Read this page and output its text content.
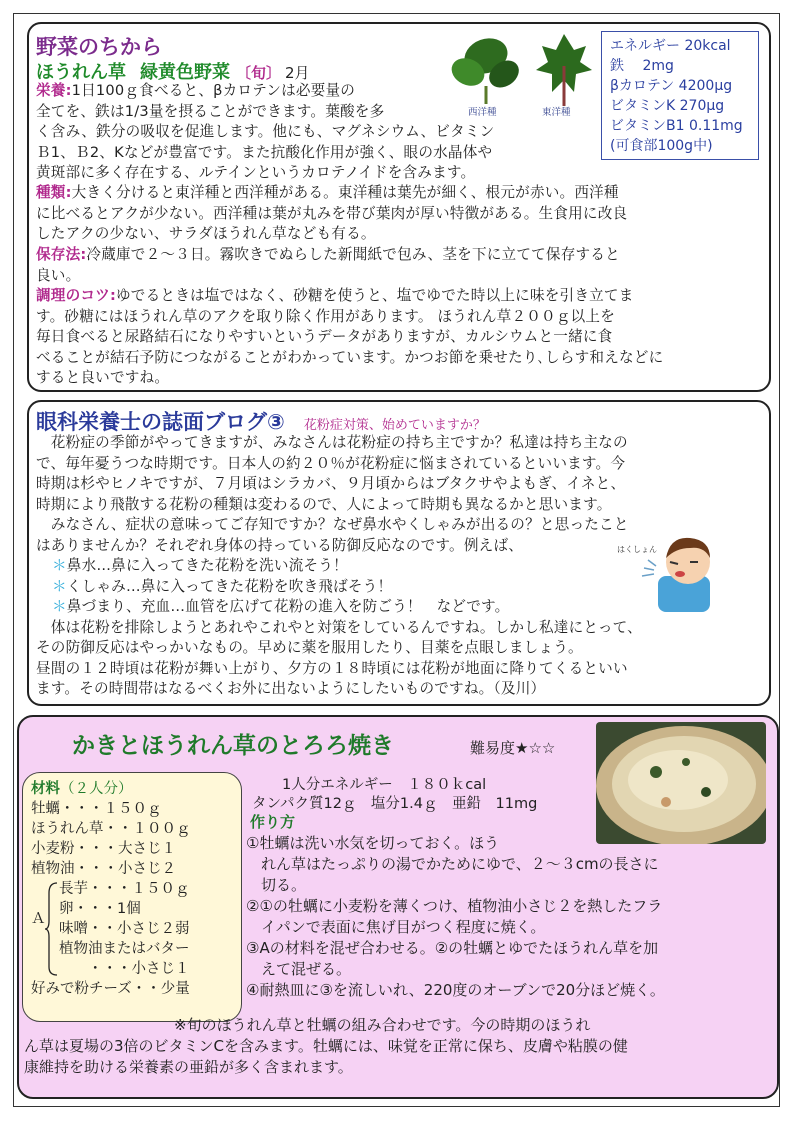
野菜のちから
ほうれん草 緑黄色野菜 〔旬〕 2月
西洋種	東洋種
エネルギー 20kcal
鉄　 2mg
βカロテン 4200μg
ビタミンK 270μg
ビタミンB1 0.11mg
(可食部100g中)
栄養:1日100ｇ食べると、βカロテンは必要量の
全てを、鉄は1/3量を摂ることができます。葉酸を多
く含み、鉄分の吸収を促進します。他にも、マグネシウム、ビタミン
Ｂ1、Ｂ2、Kなどが豊富です。また抗酸化作用が強く、眼の水晶体や
黄斑部に多く存在する、ルテインというカロテノイドを含みます。
種類:大きく分けると東洋種と西洋種がある。東洋種は葉先が細く、根元が赤い。西洋種
に比べるとアクが少ない。西洋種は葉が丸みを帯び葉肉が厚い特徴がある。生食用に改良
したアクの少ない、サラダほうれん草なども有る。
保存法:冷蔵庫で２～３日。霧吹きでぬらした新聞紙で包み、茎を下に立てて保存すると
良い。
調理のコツ:ゆでるときは塩ではなく、砂糖を使うと、塩でゆでた時以上に味を引き立てま
す。砂糖にはほうれん草のアクを取り除く作用があります。 ほうれん草２００ｇ以上を
毎日食べると尿路結石になりやすいというデータがありますが、カルシウムと一緒に食
べることが結石予防につながることがわかっています。かつお節を乗せたり､しらす和えなどに
すると良いですね。
眼科栄養士の誌面ブログ③ 花粉症対策、始めていますか？
　花粉症の季節がやってきますが、みなさんは花粉症の持ち主ですか？私達は持ち主なの
で、毎年憂うつな時期です。日本人の約２０％が花粉症に悩まされているといいます。今
時期は杉やヒノキですが、７月頃はシラカバ、９月頃からはブタクサやよもぎ、イネと、
時期により飛散する花粉の種類は変わるので、人によって時期も異なるかと思います。
　みなさん、症状の意味ってご存知ですか？なぜ鼻水やくしゃみが出るの？と思ったこと
はありませんか？それぞれ身体の持っている防御反応なのです。例えば、
＊鼻水…鼻に入ってきた花粉を洗い流そう！
＊くしゃみ…鼻に入ってきた花粉を吹き飛ばそう！
＊鼻づまり、充血…血管を広げて花粉の進入を防ごう！　などです。
　体は花粉を排除しようとあれやこれやと対策をしているんですね。しかし私達にとって、
その防御反応はやっかいなもの。早めに薬を服用したり、目薬を点眼しましょう。
昼間の１２時頃は花粉が舞い上がり、夕方の１８時頃には花粉が地面に降りてくるといい
ます。その時間帯はなるべくお外に出ないようにしたいものですね。（及川）
はくしょん
かきとほうれん草のとろろ焼き	難易度★☆☆
材料（２人分）
牡蠣・・・１５０ｇ
ほうれん草・・１００ｇ
小麦粉・・・大さじ１
植物油・・・小さじ２
Ａ
長芋・・・１５０ｇ
卵・・・1個
味噌・・小さじ２弱
植物油またはバター
　　・・・小さじ１
好みで粉チーズ・・少量
1人分エネルギー　１８０ｋcal
タンパク質12ｇ　塩分1.4ｇ　亜鉛　11mg
作り方
①牡蠣は洗い水気を切っておく。ほう
　れん草はたっぷりの湯でかためにゆで、２～３cmの長さに
　切る。
②①の牡蠣に小麦粉を薄くつけ、植物油小さじ２を熱したフラ
　イパンで表面に焦げ目がつく程度に焼く。
③Aの材料を混ぜ合わせる。②の牡蠣とゆでたほうれん草を加
　えて混ぜる。
④耐熱皿に③を流しいれ、220度のオーブンで20分ほど焼く。
　　　　　　　　　　※旬のほうれん草と牡蠣の組み合わせです。今の時期のほうれ
ん草は夏場の3倍のビタミンCを含みます。牡蠣には、味覚を正常に保ち、皮膚や粘膜の健
康維持を助ける栄養素の亜鉛が多く含まれます。
